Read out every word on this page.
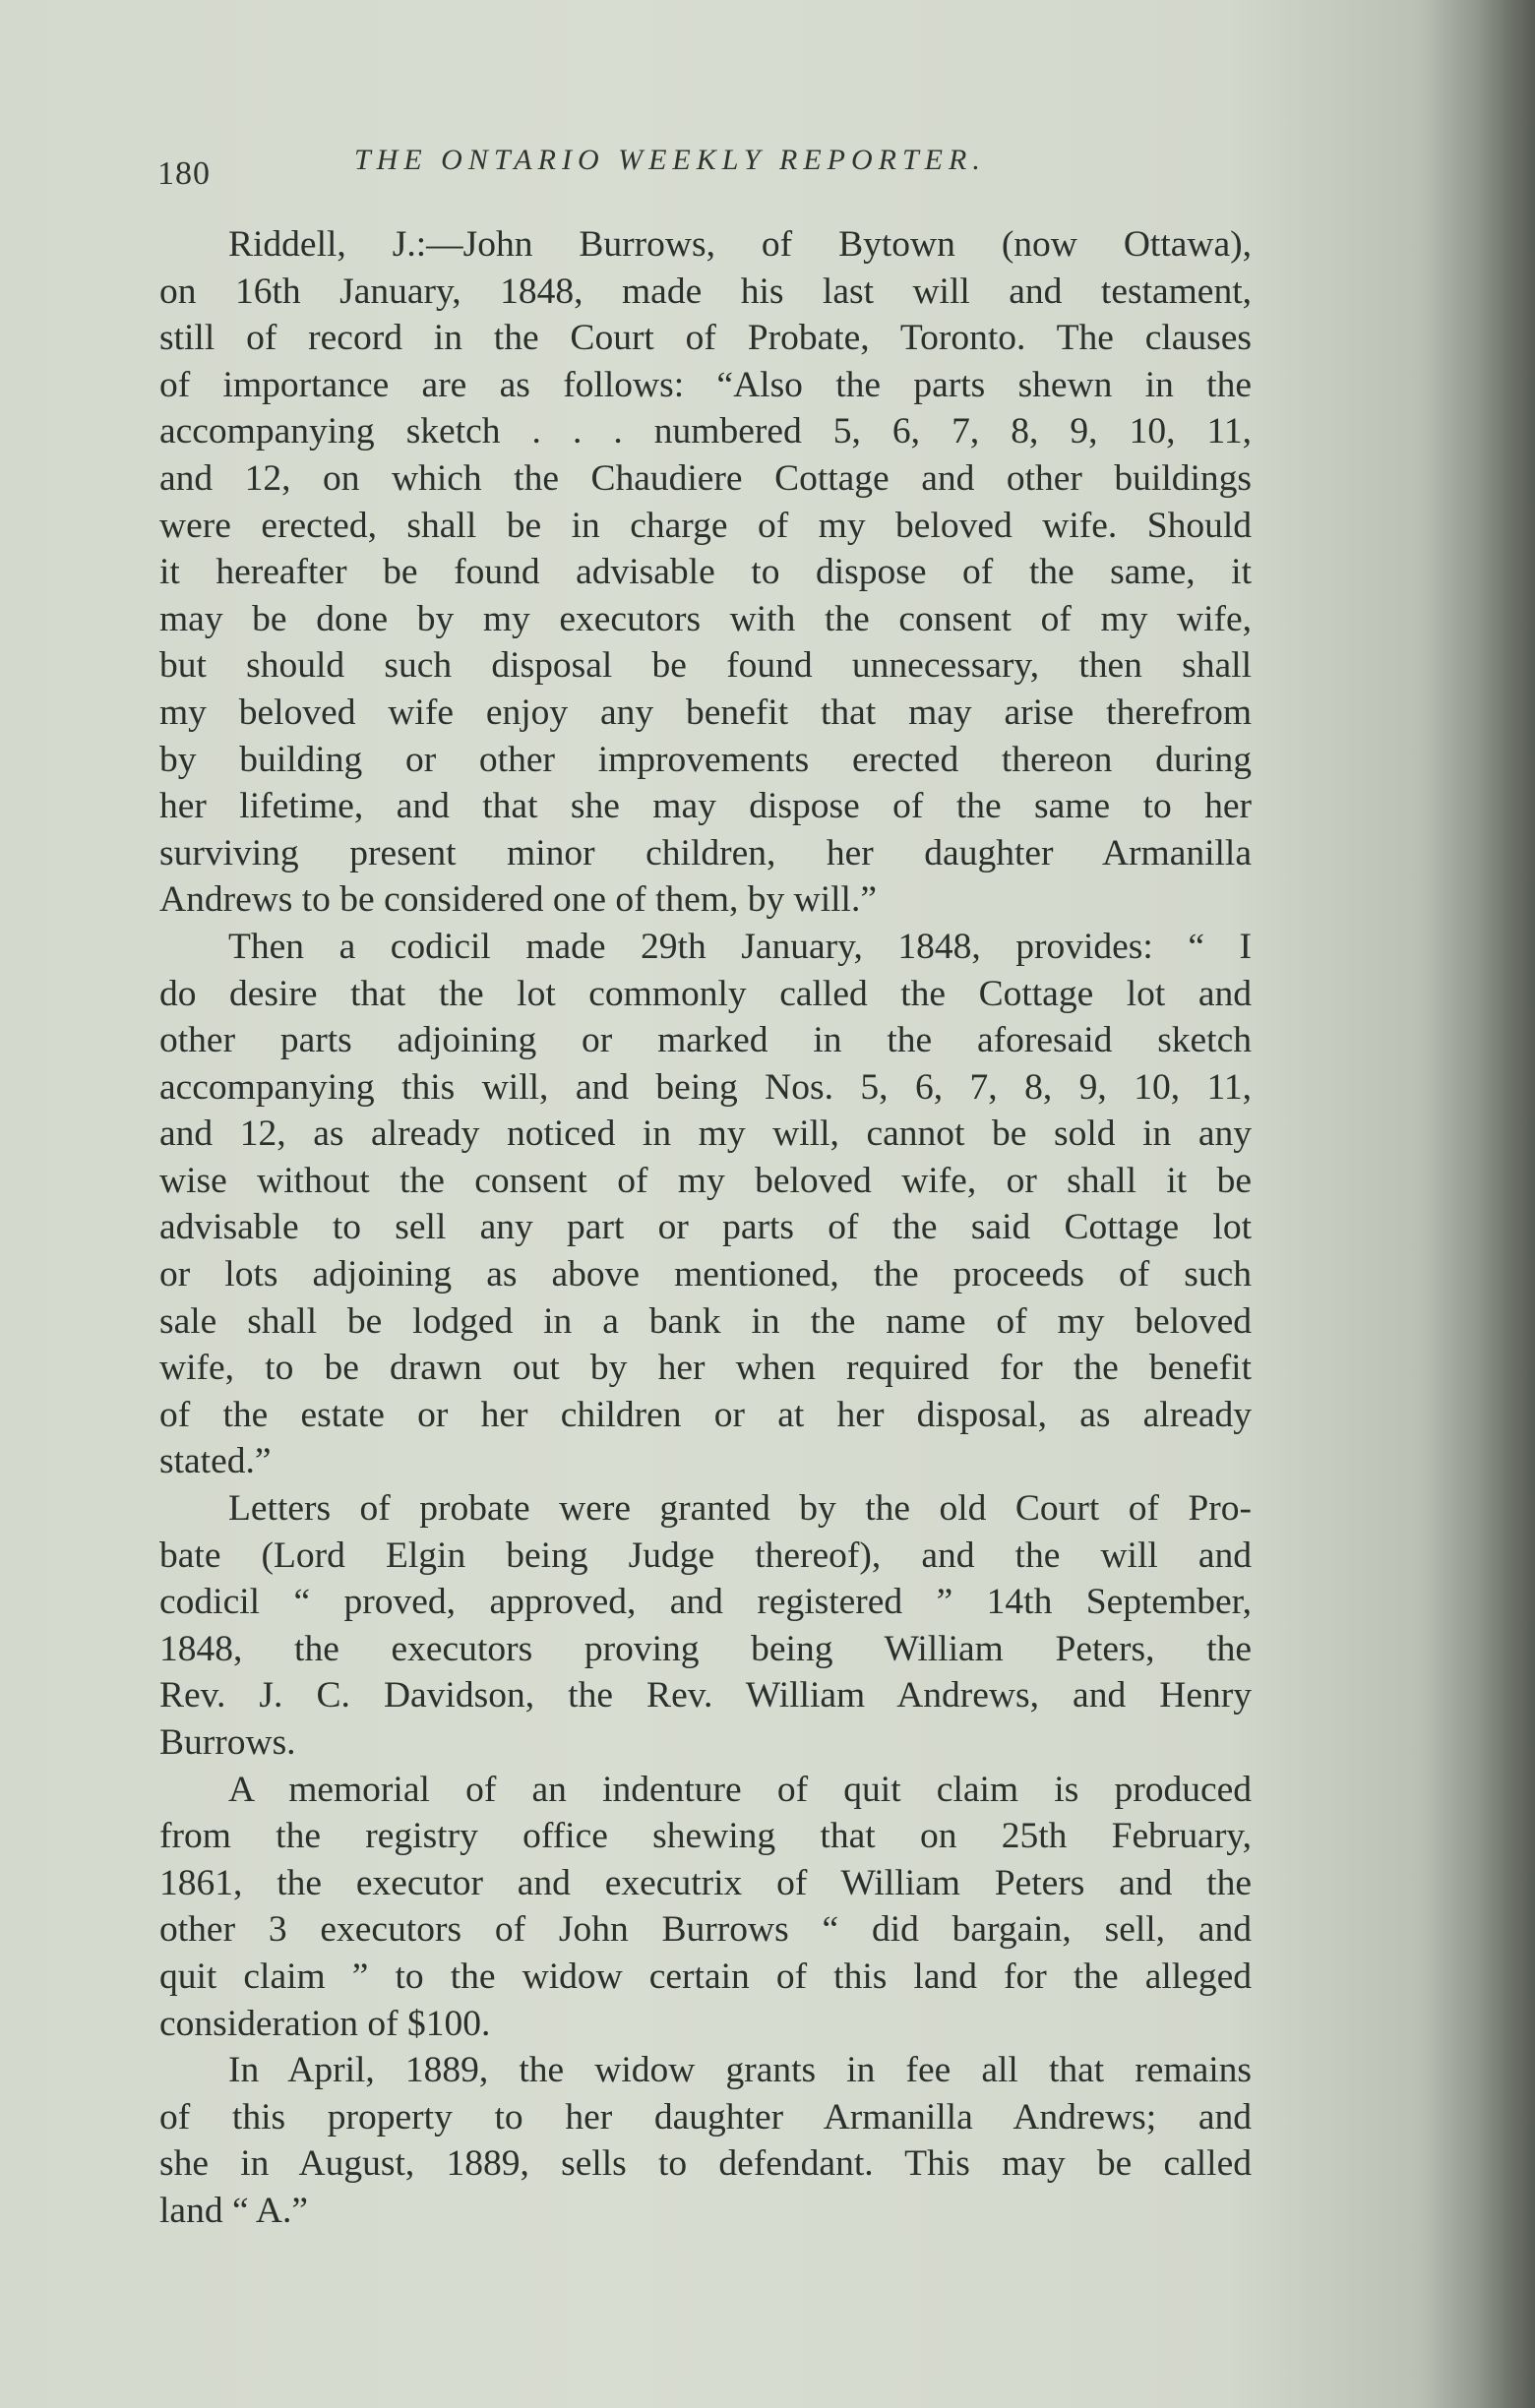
180	THE ONTARIO WEEKLY REPORTER.

Riddell, J.:—John Burrows, of Bytown (now Ottawa),
on 16th January, 1848, made his last will and testament,
still of record in the Court of Probate, Toronto. The clauses
of importance are as follows: “Also the parts shewn in the
accompanying sketch . . . numbered 5, 6, 7, 8, 9, 10, 11,
and 12, on which the Chaudiere Cottage and other buildings
were erected, shall be in charge of my beloved wife. Should
it hereafter be found advisable to dispose of the same, it
may be done by my executors with the consent of my wife,
but should such disposal be found unnecessary, then shall
my beloved wife enjoy any benefit that may arise therefrom
by building or other improvements erected thereon during
her lifetime, and that she may dispose of the same to her
surviving present minor children, her daughter Armanilla
Andrews to be considered one of them, by will.”

Then a codicil made 29th January, 1848, provides: “ I
do desire that the lot commonly called the Cottage lot and
other parts adjoining or marked in the aforesaid sketch
accompanying this will, and being Nos. 5, 6, 7, 8, 9, 10, 11,
and 12, as already noticed in my will, cannot be sold in any
wise without the consent of my beloved wife, or shall it be
advisable to sell any part or parts of the said Cottage lot
or lots adjoining as above mentioned, the proceeds of such
sale shall be lodged in a bank in the name of my beloved
wife, to be drawn out by her when required for the benefit
of the estate or her children or at her disposal, as already
stated.”

Letters of probate were granted by the old Court of Pro-
bate (Lord Elgin being Judge thereof), and the will and
codicil “ proved, approved, and registered ” 14th September,
1848, the executors proving being William Peters, the
Rev. J. C. Davidson, the Rev. William Andrews, and Henry
Burrows.

A memorial of an indenture of quit claim is produced
from the registry office shewing that on 25th February,
1861, the executor and executrix of William Peters and the
other 3 executors of John Burrows “ did bargain, sell, and
quit claim ” to the widow certain of this land for the alleged
consideration of $100.

In April, 1889, the widow grants in fee all that remains
of this property to her daughter Armanilla Andrews; and
she in August, 1889, sells to defendant. This may be called
land “ A.”
